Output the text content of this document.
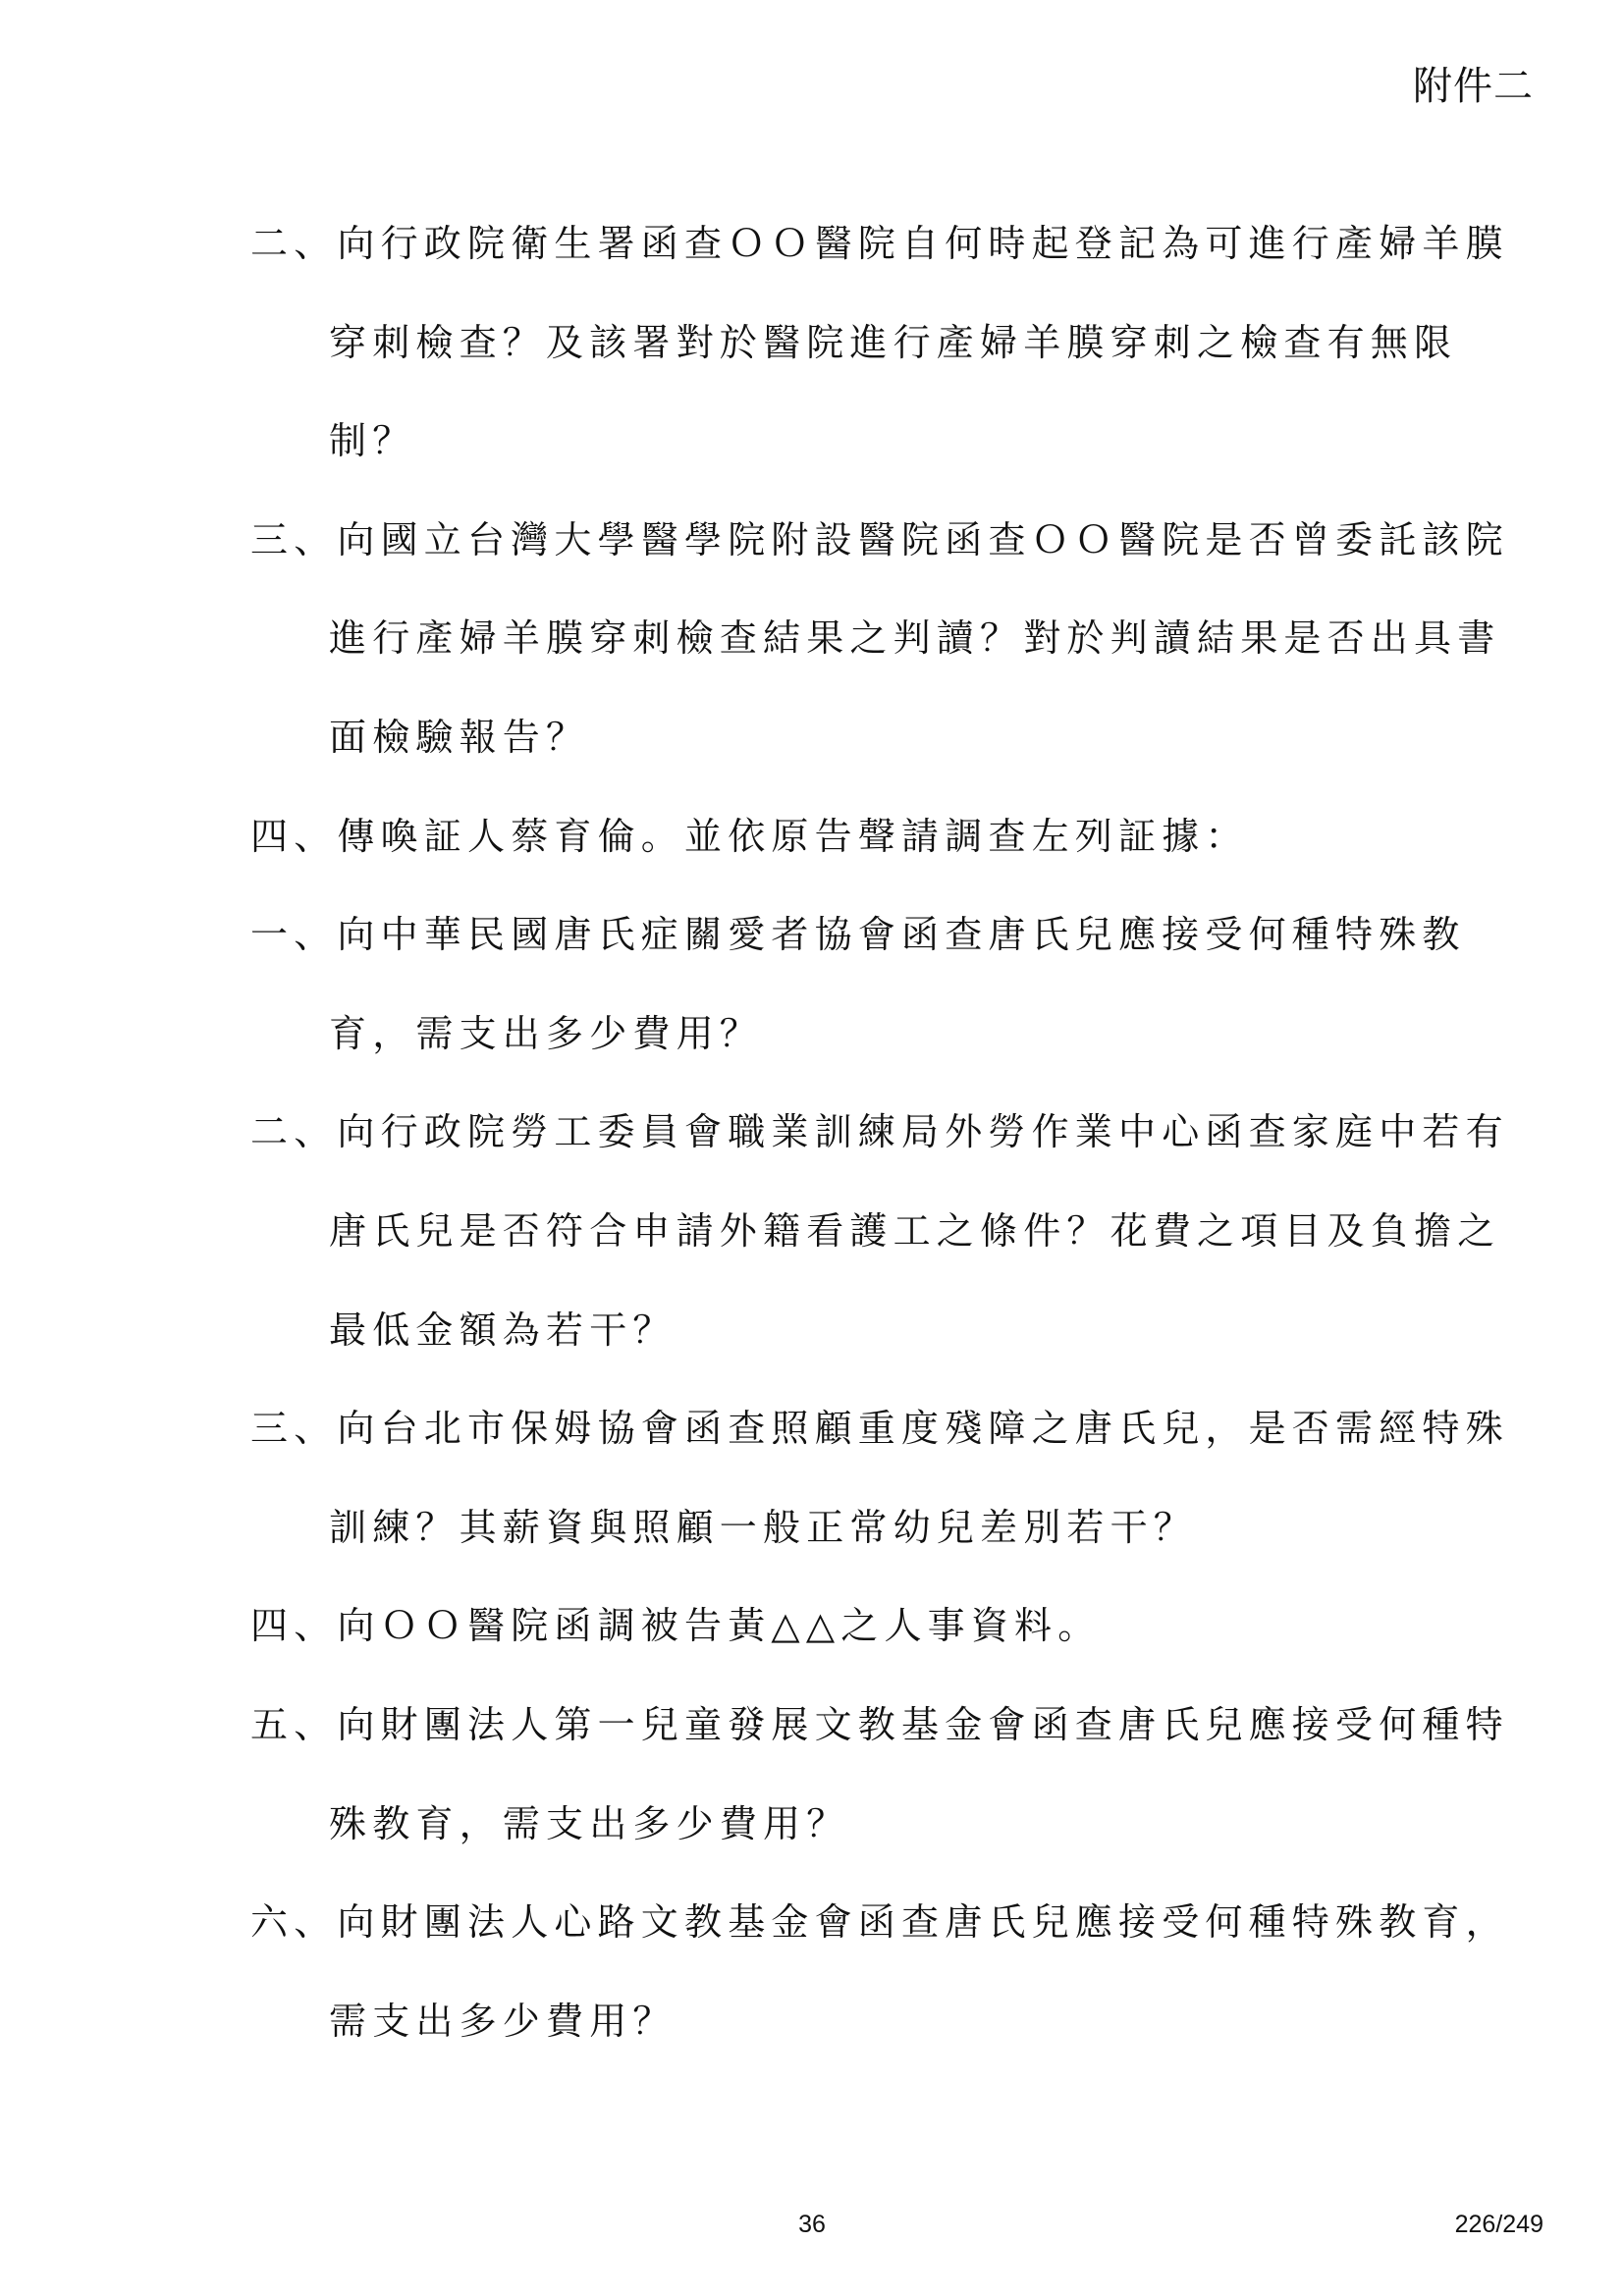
附件二
二、向行政院衛生署函查ＯＯ醫院自何時起登記為可進行產婦羊膜
穿刺檢查？及該署對於醫院進行產婦羊膜穿刺之檢查有無限
制？
三、向國立台灣大學醫學院附設醫院函查ＯＯ醫院是否曾委託該院
進行產婦羊膜穿刺檢查結果之判讀？對於判讀結果是否出具書
面檢驗報告？
四、傳喚証人蔡育倫。並依原告聲請調查左列証據：
一、向中華民國唐氏症關愛者協會函查唐氏兒應接受何種特殊教
育，需支出多少費用？
二、向行政院勞工委員會職業訓練局外勞作業中心函查家庭中若有
唐氏兒是否符合申請外籍看護工之條件？花費之項目及負擔之
最低金額為若干？
三、向台北市保姆協會函查照顧重度殘障之唐氏兒，是否需經特殊
訓練？其薪資與照顧一般正常幼兒差別若干？
四、向ＯＯ醫院函調被告黃△△之人事資料。
五、向財團法人第一兒童發展文教基金會函查唐氏兒應接受何種特
殊教育，需支出多少費用？
六、向財團法人心路文教基金會函查唐氏兒應接受何種特殊教育，
需支出多少費用？
36	226/249
